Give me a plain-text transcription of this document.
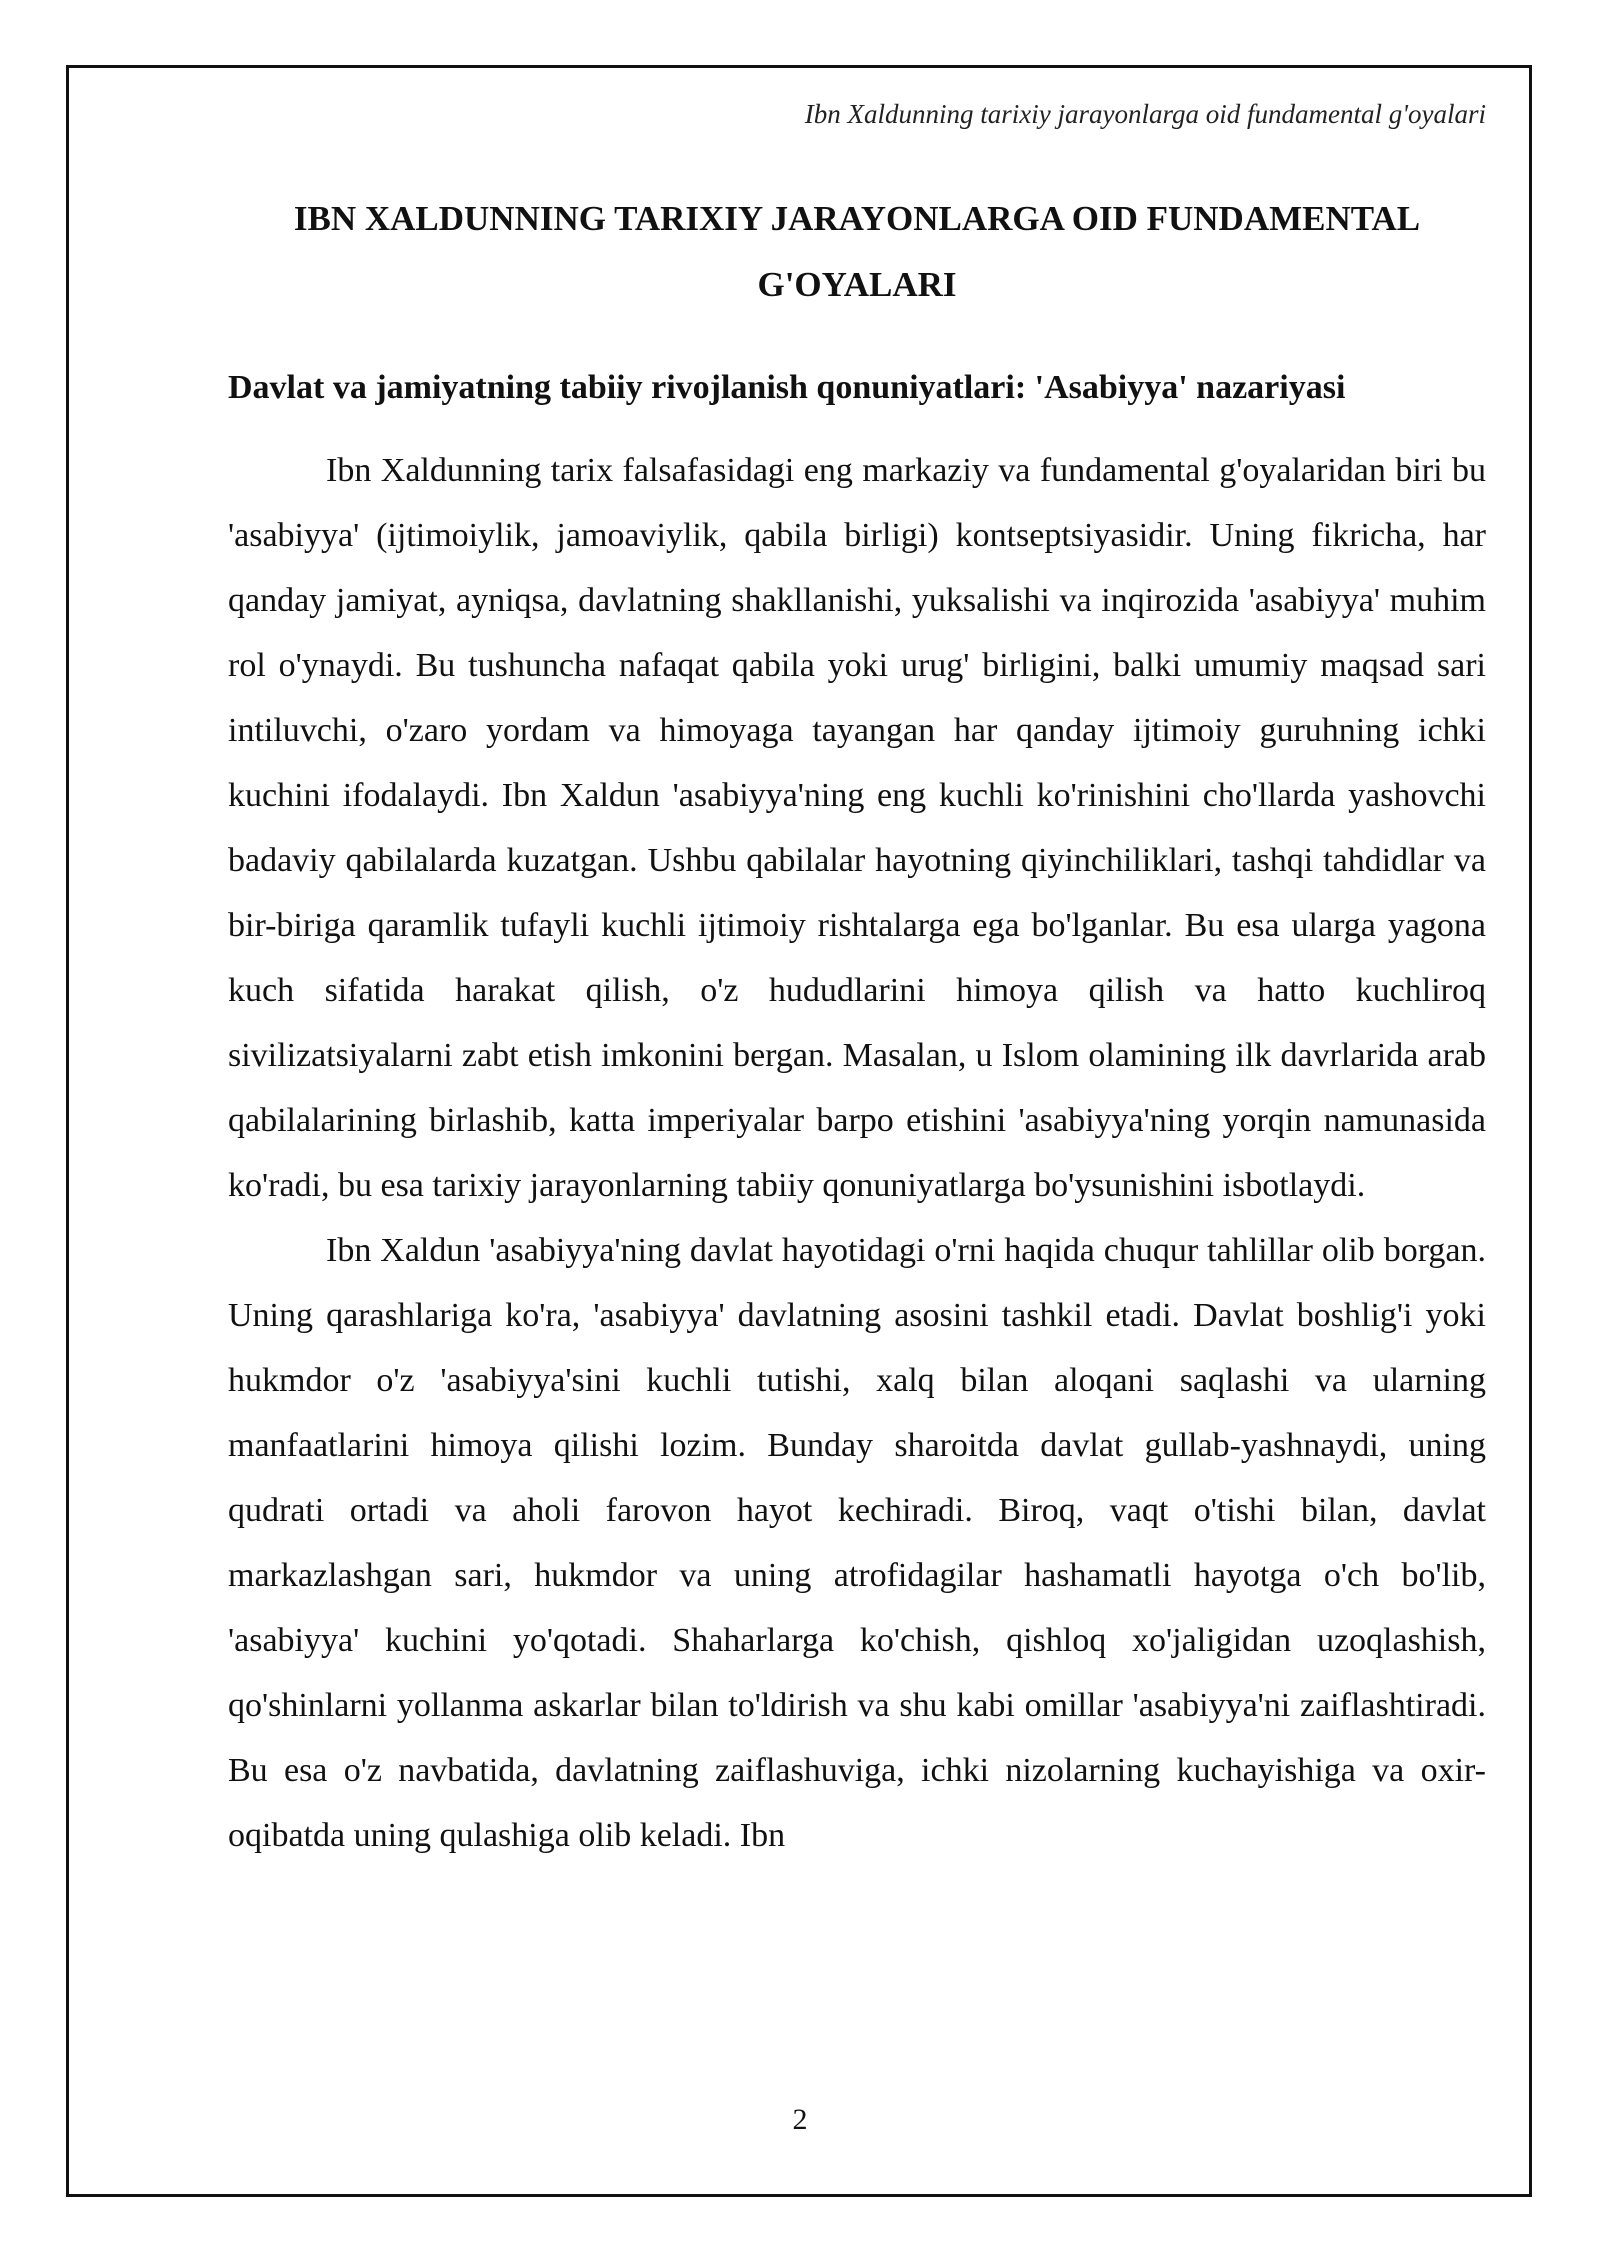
Ibn Xaldunning tarixiy jarayonlarga oid fundamental g'oyalari
IBN XALDUNNING TARIXIY JARAYONLARGA OID FUNDAMENTAL G'OYALARI
Davlat va jamiyatning tabiiy rivojlanish qonuniyatlari: 'Asabiyya' nazariyasi

Ibn Xaldunning tarix falsafasidagi eng markaziy va fundamental g'oyalaridan biri bu 'asabiyya' (ijtimoiylik, jamoaviylik, qabila birligi) kontseptsiyasidir. Uning fikricha, har qanday jamiyat, ayniqsa, davlatning shakllanishi, yuksalishi va inqirozida 'asabiyya' muhim rol o'ynaydi. Bu tushuncha nafaqat qabila yoki urug' birligini, balki umumiy maqsad sari intiluvchi, o'zaro yordam va himoyaga tayangan har qanday ijtimoiy guruhning ichki kuchini ifodalaydi. Ibn Xaldun 'asabiyya'ning eng kuchli ko'rinishini cho'llarda yashovchi badaviy qabilalarda kuzatgan. Ushbu qabilalar hayotning qiyinchiliklari, tashqi tahdidlar va bir-biriga qaramlik tufayli kuchli ijtimoiy rishtalarga ega bo'lganlar. Bu esa ularga yagona kuch sifatida harakat qilish, o'z hududlarini himoya qilish va hatto kuchliroq sivilizatsiyalarni zabt etish imkonini bergan. Masalan, u Islom olamining ilk davrlarida arab qabilalarining birlashib, katta imperiyalar barpo etishini 'asabiyya'ning yorqin namunasida ko'radi, bu esa tarixiy jarayonlarning tabiiy qonuniyatlarga bo'ysunishini isbotlaydi.

Ibn Xaldun 'asabiyya'ning davlat hayotidagi o'rni haqida chuqur tahlillar olib borgan. Uning qarashlariga ko'ra, 'asabiyya' davlatning asosini tashkil etadi. Davlat boshlig'i yoki hukmdor o'z 'asabiyya'sini kuchli tutishi, xalq bilan aloqani saqlashi va ularning manfaatlarini himoya qilishi lozim. Bunday sharoitda davlat gullab-yashnaydi, uning qudrati ortadi va aholi farovon hayot kechiradi. Biroq, vaqt o'tishi bilan, davlat markazlashgan sari, hukmdor va uning atrofidagilar hashamatli hayotga o'ch bo'lib, 'asabiyya' kuchini yo'qotadi. Shaharlarga ko'chish, qishloq xo'jaligidan uzoqlashish, qo'shinlarni yollanma askarlar bilan to'ldirish va shu kabi omillar 'asabiyya'ni zaiflashtiradi. Bu esa o'z navbatida, davlatning zaiflashuviga, ichki nizolarning kuchayishiga va oxir-oqibatda uning qulashiga olib keladi. Ibn

2
